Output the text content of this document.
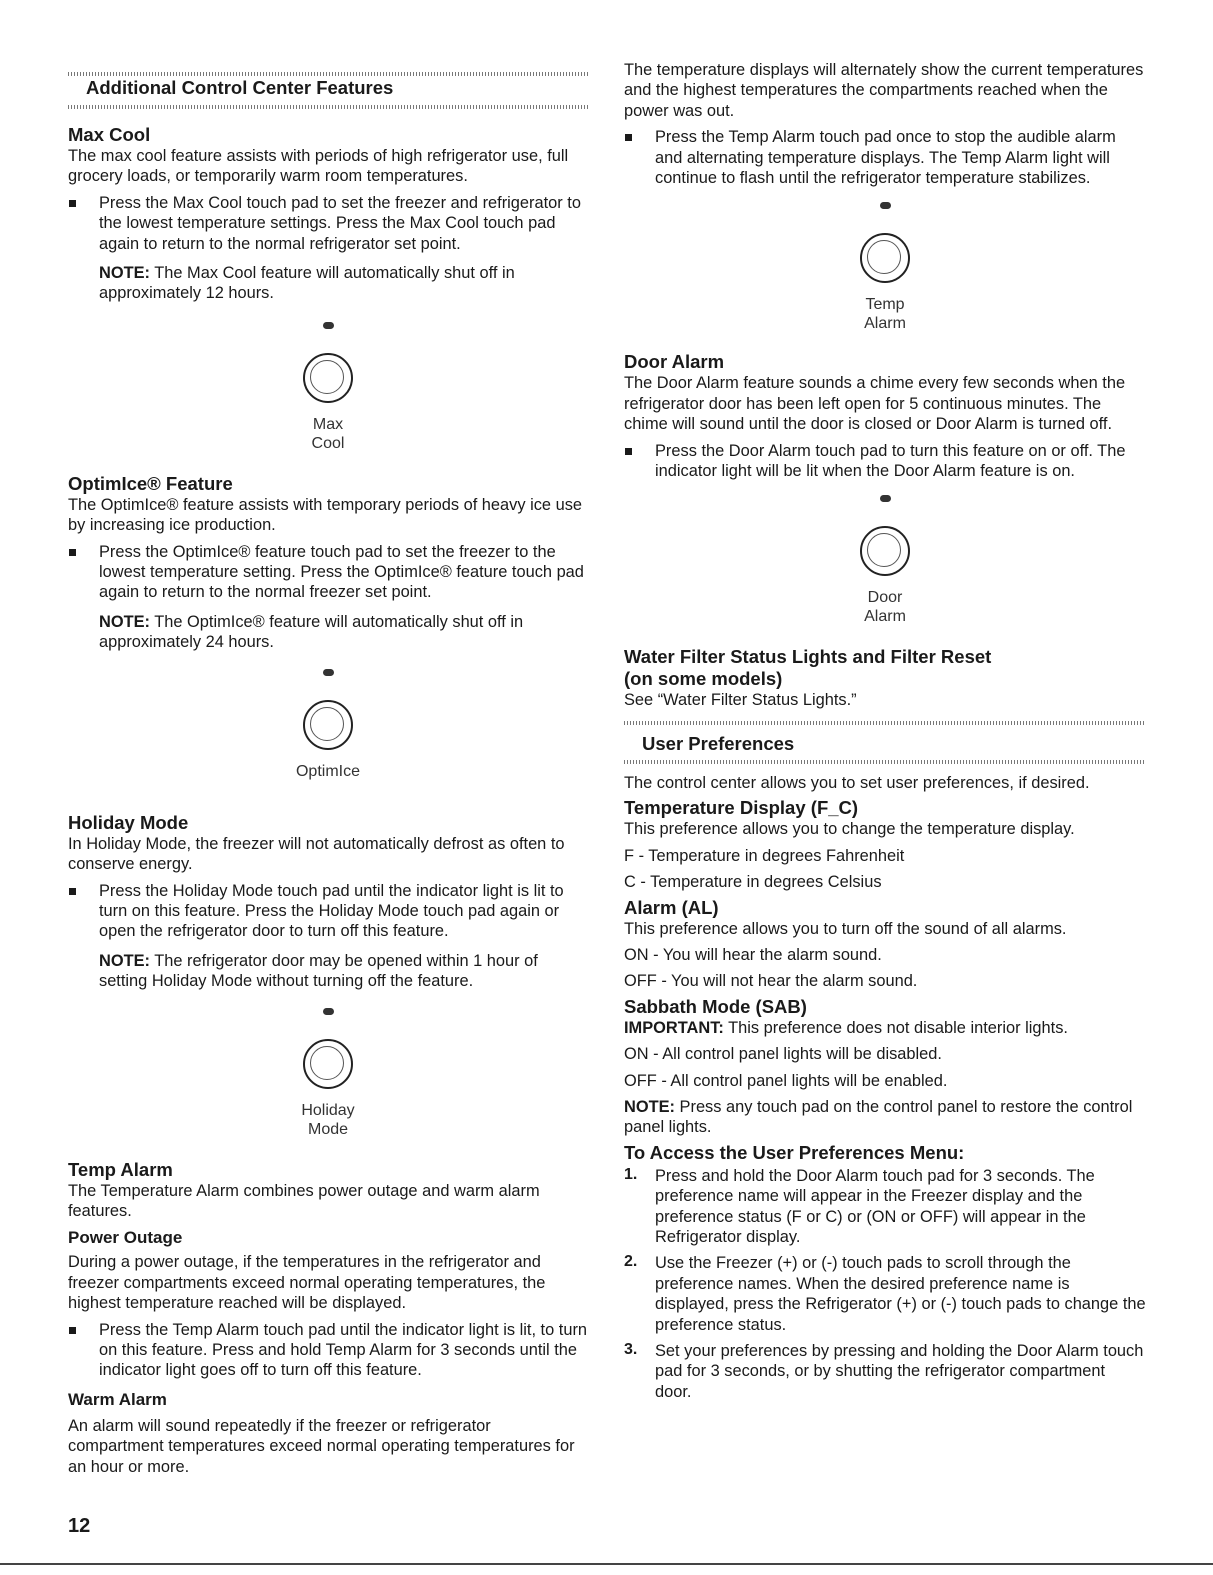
Additional Control Center Features
Max Cool

The max cool feature assists with periods of high refrigerator use, full grocery loads, or temporarily warm room temperatures.

Press the Max Cool touch pad to set the freezer and refrigerator to the lowest temperature settings. Press the Max Cool touch pad again to return to the normal refrigerator set point.

NOTE: The Max Cool feature will automatically shut off in approximately 12 hours.

Max
Cool
OptimIce® Feature

The OptimIce® feature assists with temporary periods of heavy ice use by increasing ice production.

Press the OptimIce® feature touch pad to set the freezer to the lowest temperature setting. Press the OptimIce® feature touch pad again to return to the normal freezer set point.

NOTE: The OptimIce® feature will automatically shut off in approximately 24 hours.

OptimIce
Holiday Mode

In Holiday Mode, the freezer will not automatically defrost as often to conserve energy.

Press the Holiday Mode touch pad until the indicator light is lit to turn on this feature. Press the Holiday Mode touch pad again or open the refrigerator door to turn off this feature.

NOTE: The refrigerator door may be opened within 1 hour of setting Holiday Mode without turning off the feature.

Holiday
Mode
Temp Alarm

The Temperature Alarm combines power outage and warm alarm features.

Power Outage

During a power outage, if the temperatures in the refrigerator and freezer compartments exceed normal operating temperatures, the highest temperature reached will be displayed.

Press the Temp Alarm touch pad until the indicator light is lit, to turn on this feature. Press and hold Temp Alarm for 3 seconds until the indicator light goes off to turn off this feature.

Warm Alarm

An alarm will sound repeatedly if the freezer or refrigerator compartment temperatures exceed normal operating temperatures for an hour or more.

The temperature displays will alternately show the current temperatures and the highest temperatures the compartments reached when the power was out.

Press the Temp Alarm touch pad once to stop the audible alarm and alternating temperature displays. The Temp Alarm light will continue to flash until the refrigerator temperature stabilizes.

Temp
Alarm
Door Alarm

The Door Alarm feature sounds a chime every few seconds when the refrigerator door has been left open for 5 continuous minutes. The chime will sound until the door is closed or Door Alarm is turned off.

Press the Door Alarm touch pad to turn this feature on or off. The indicator light will be lit when the Door Alarm feature is on.

Door
Alarm
Water Filter Status Lights and Filter Reset
(on some models)

See “Water Filter Status Lights.”

User Preferences

The control center allows you to set user preferences, if desired.

Temperature Display (F_C)

This preference allows you to change the temperature display.

F - Temperature in degrees Fahrenheit

C - Temperature in degrees Celsius

Alarm (AL)

This preference allows you to turn off the sound of all alarms.

ON - You will hear the alarm sound.

OFF - You will not hear the alarm sound.

Sabbath Mode (SAB)

IMPORTANT: This preference does not disable interior lights.

ON - All control panel lights will be disabled.

OFF - All control panel lights will be enabled.

NOTE: Press any touch pad on the control panel to restore the control panel lights.

To Access the User Preferences Menu:
1. Press and hold the Door Alarm touch pad for 3 seconds. The preference name will appear in the Freezer display and the preference status (F or C) or (ON or OFF) will appear in the Refrigerator display.

2. Use the Freezer (+) or (-) touch pads to scroll through the preference names. When the desired preference name is displayed, press the Refrigerator (+) or (-) touch pads to change the preference status.

3. Set your preferences by pressing and holding the Door Alarm touch pad for 3 seconds, or by shutting the refrigerator compartment door.

12
